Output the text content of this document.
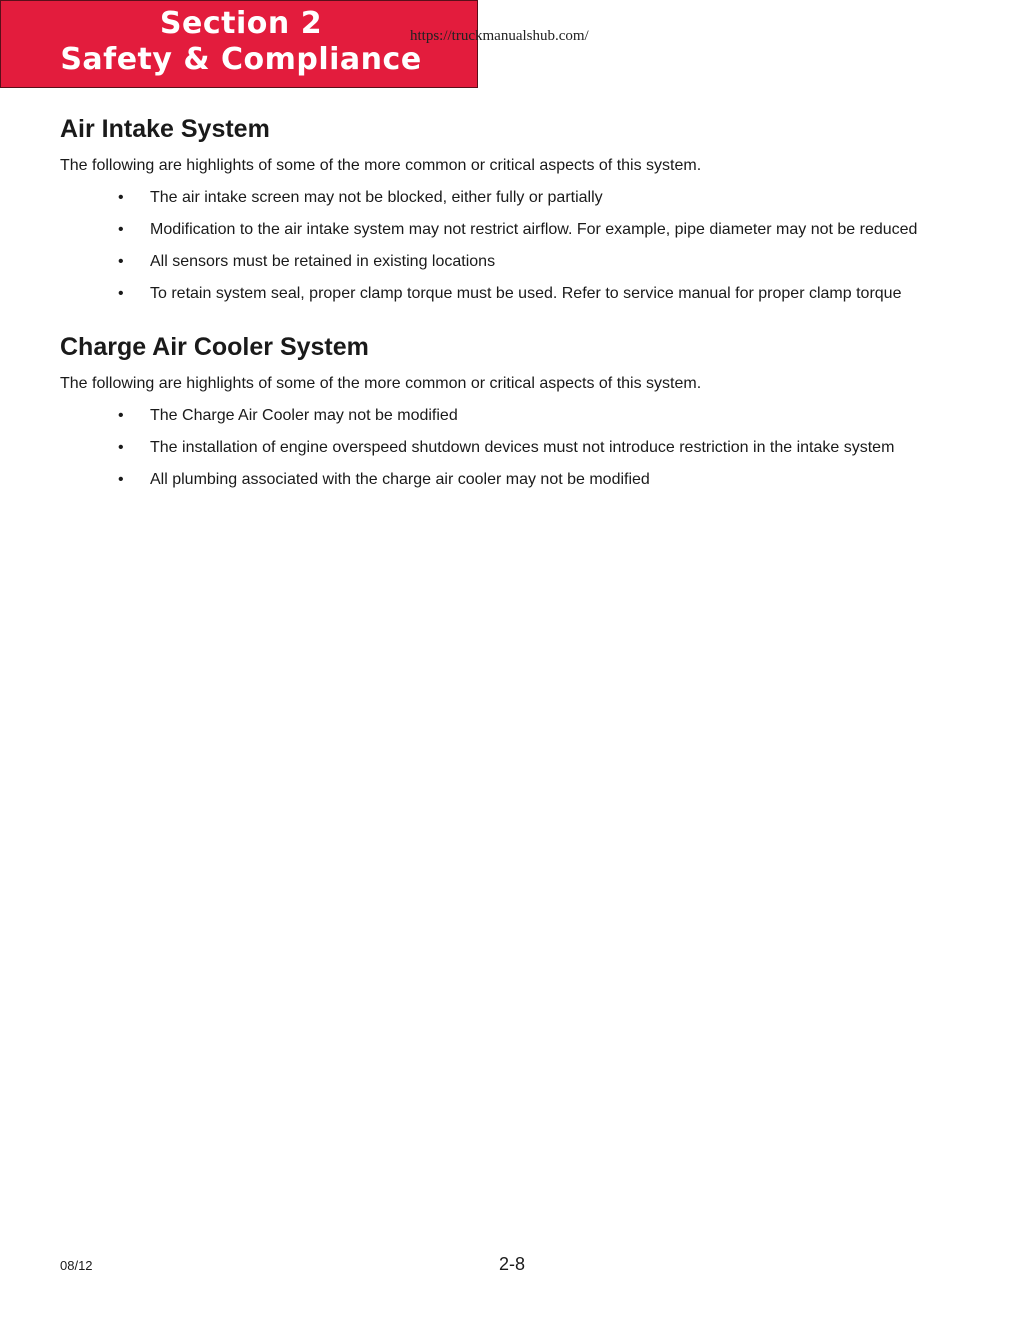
Section 2
Safety & Compliance
https://truckmanualshub.com/
Air Intake System

The following are highlights of some of the more common or critical aspects of this system.

• The air intake screen may not be blocked, either fully or partially
• Modification to the air intake system may not restrict airflow. For example, pipe diameter may not be reduced
• All sensors must be retained in existing locations
• To retain system seal, proper clamp torque must be used. Refer to service manual for proper clamp torque
Charge Air Cooler System

The following are highlights of some of the more common or critical aspects of this system.

• The Charge Air Cooler may not be modified
• The installation of engine overspeed shutdown devices must not introduce restriction in the intake system
• All plumbing associated with the charge air cooler may not be modified
08/12	2-8
